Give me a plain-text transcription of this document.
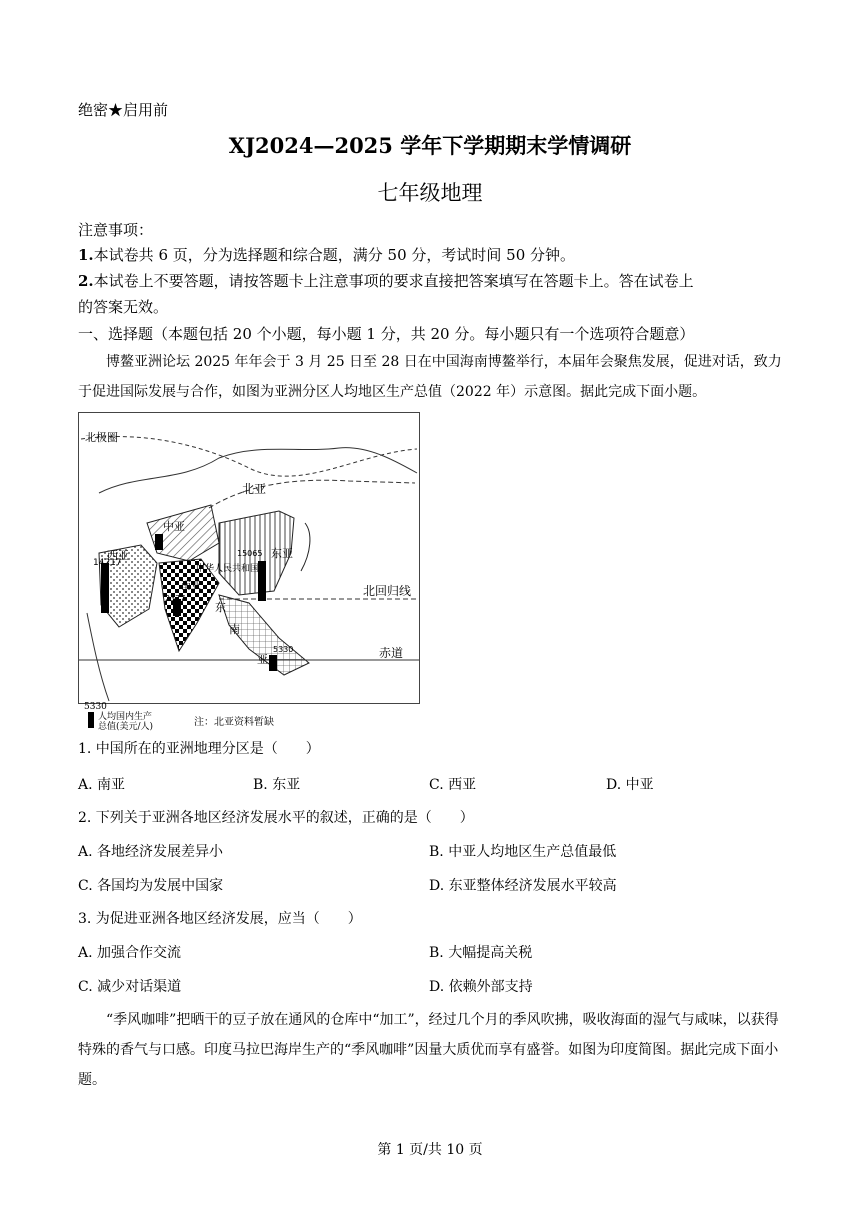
绝密★启用前
XJ2024—2025 学年下学期期末学情调研
七年级地理
注意事项：
1.本试卷共 6 页，分为选择题和综合题，满分 50 分，考试时间 50 分钟。
2.本试卷上不要答题，请按答题卡上注意事项的要求直接把答案填写在答题卡上。答在试卷上
的答案无效。
一、选择题（本题包括 20 个小题，每小题 1 分，共 20 分。每小题只有一个选项符合题意）
博鳌亚洲论坛 2025 年年会于 3 月 25 日至 28 日在中国海南博鳌举行，本届年会聚焦发展，促进对话，致力于促进国际发展与合作，如图为亚洲分区人均地区生产总值（2022 年）示意图。据此完成下面小题。
北极圈
北亚
中亚
东亚
西亚
中华人民共和国
南亚
东
南
亚
北回归线
赤道
14217
15065
2377
5330
5330
人均国内生产
总值(美元/人)	注：北亚资料暂缺
1. 中国所在的亚洲地理分区是（　　）
A. 南亚	B. 东亚	C. 西亚	D. 中亚
2. 下列关于亚洲各地区经济发展水平的叙述，正确的是（　　）
A. 各地经济发展差异小	B. 中亚人均地区生产总值最低
C. 各国均为发展中国家	D. 东亚整体经济发展水平较高
3. 为促进亚洲各地区经济发展，应当（　　）
A. 加强合作交流	B. 大幅提高关税
C. 减少对话渠道	D. 依赖外部支持
“季风咖啡”把晒干的豆子放在通风的仓库中“加工”，经过几个月的季风吹拂，吸收海面的湿气与咸味，以获得特殊的香气与口感。印度马拉巴海岸生产的“季风咖啡”因量大质优而享有盛誉。如图为印度简图。据此完成下面小题。
第 1 页/共 10 页
